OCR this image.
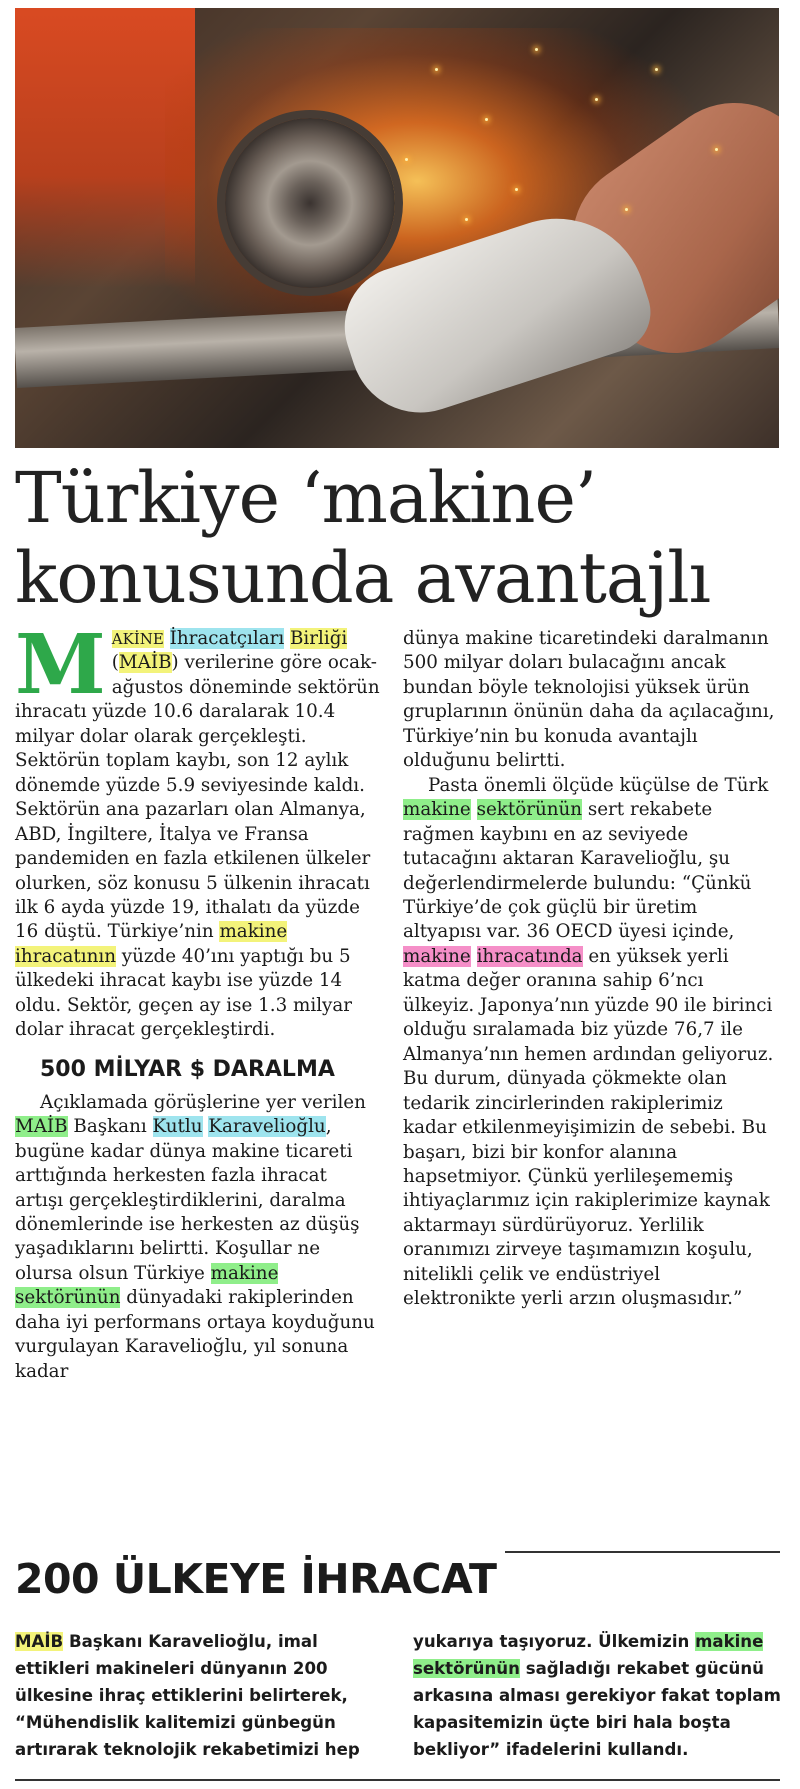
Türkiye ‘makine’
konusunda avantajlı

MAKİNE İhracatçıları Birliği (MAİB) verilerine göre ocak-ağustos döneminde sektörün ihracatı yüzde 10.6 daralarak 10.4 milyar dolar olarak gerçekleşti. Sektörün toplam kaybı, son 12 aylık dönemde yüzde 5.9 seviyesinde kaldı. Sektörün ana pazarları olan Almanya, ABD, İngiltere, İtalya ve Fransa pandemiden en fazla etkilenen ülkeler olurken, söz konusu 5 ülkenin ihracatı ilk 6 ayda yüzde 19, ithalatı da yüzde 16 düştü. Türkiye’nin makine ihracatının yüzde 40’ını yaptığı bu 5 ülkedeki ihracat kaybı ise yüzde 14 oldu. Sektör, geçen ay ise 1.3 milyar dolar ihracat gerçekleştirdi.

500 MİLYAR $ DARALMA

Açıklamada görüşlerine yer verilen MAİB Başkanı Kutlu Karavelioğlu, bugüne kadar dünya makine ticareti arttığında herkesten fazla ihracat artışı gerçekleştirdiklerini, daralma dönemlerinde ise herkesten az düşüş yaşadıklarını belirtti. Koşullar ne olursa olsun Türkiye makine sektörünün dünyadaki rakiplerinden daha iyi performans ortaya koyduğunu vurgulayan Karavelioğlu, yıl sonuna kadar

dünya makine ticaretindeki daralmanın 500 milyar doları bulacağını ancak bundan böyle teknolojisi yüksek ürün gruplarının önünün daha da açılacağını, Türkiye’nin bu konuda avantajlı olduğunu belirtti.

Pasta önemli ölçüde küçülse de Türk makine sektörünün sert rekabete rağmen kaybını en az seviyede tutacağını aktaran Karavelioğlu, şu değerlendirmelerde bulundu: “Çünkü Türkiye’de çok güçlü bir üretim altyapısı var. 36 OECD üyesi içinde, makine ihracatında en yüksek yerli katma değer oranına sahip 6’ncı ülkeyiz. Japonya’nın yüzde 90 ile birinci olduğu sıralamada biz yüzde 76,7 ile Almanya’nın hemen ardından geliyoruz. Bu durum, dünyada çökmekte olan tedarik zincirlerinden rakiplerimiz kadar etkilenmeyişimizin de sebebi. Bu başarı, bizi bir konfor alanına hapsetmiyor. Çünkü yerlileşememiş ihtiyaçlarımız için rakiplerimize kaynak aktarmayı sürdürüyoruz. Yerlilik oranımızı zirveye taşımamızın koşulu, nitelikli çelik ve endüstriyel elektronikte yerli arzın oluşmasıdır.”

200 ÜLKEYE İHRACAT

MAİB Başkanı Karavelioğlu, imal ettikleri makineleri dünyanın 200 ülkesine ihraç ettiklerini belirterek, “Mühendislik kalitemizi günbegün artırarak teknolojik rekabetimizi hep

yukarıya taşıyoruz. Ülkemizin makine sektörünün sağladığı rekabet gücünü arkasına alması gerekiyor fakat toplam kapasitemizin üçte biri hala boşta bekliyor” ifadelerini kullandı.
